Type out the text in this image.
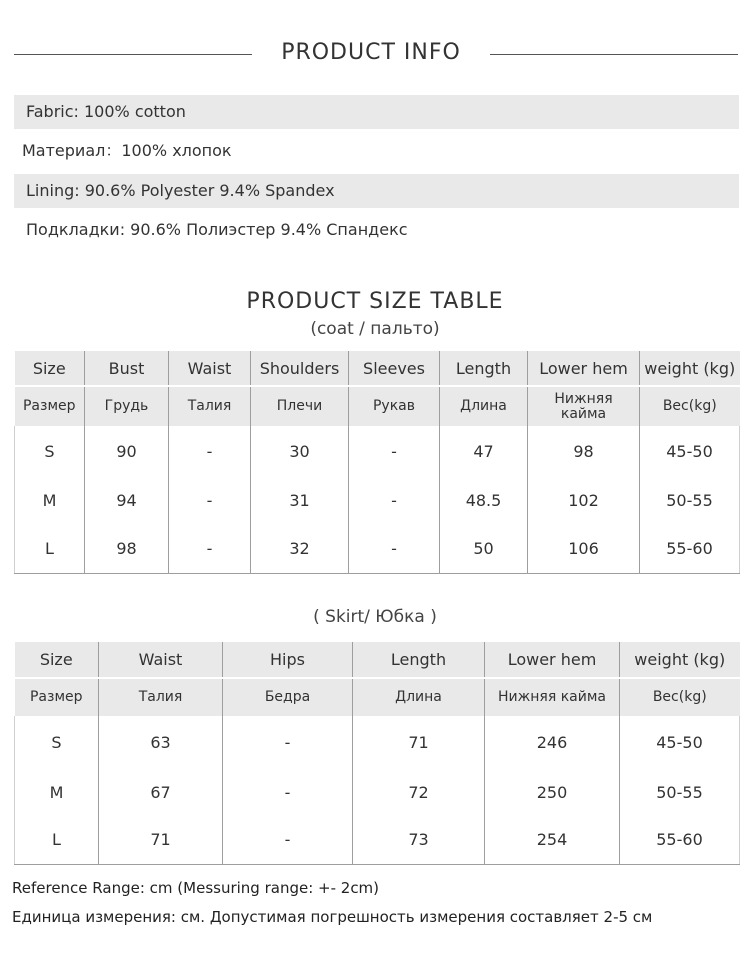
PRODUCT INFO
Fabric: 100% cotton
Материал：100% хлопок
Lining: 90.6% Polyester 9.4% Spandex
Подкладки: 90.6% Полиэстер 9.4% Спандекс
PRODUCT SIZE TABLE
(coat / пальто)
Size	Bust	Waist	Shoulders	Sleeves	Length	Lower hem	weight (kg)
Размер	Грудь	Талия	Плечи	Рукав	Длина	Нижняя кайма	Вес(kg)
S	90	-	30	-	47	98	45-50
M	94	-	31	-	48.5	102	50-55
L	98	-	32	-	50	106	55-60
( Skirt/ Юбка )
Size	Waist	Hips	Length	Lower hem	weight (kg)
Размер	Талия	Бедра	Длина	Нижняя кайма	Вес(kg)
S	63	-	71	246	45-50
M	67	-	72	250	50-55
L	71	-	73	254	55-60
Reference Range: cm (Messuring range: +- 2cm)
Единица измерения: см. Допустимая погрешность измерения составляет 2-5 см
